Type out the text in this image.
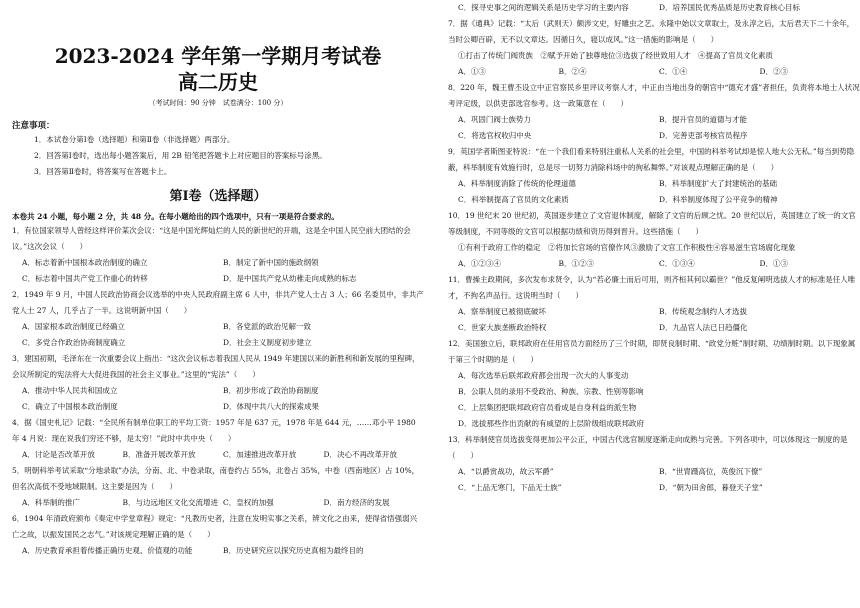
2023-2024 学年第一学期月考试卷
高二历史
（考试时间：90 分钟　试卷满分：100 分）
注意事项：
1．本试卷分第Ⅰ卷（选择题）和第Ⅱ卷（非选择题）两部分。
2．回答第Ⅰ卷时，选出每小题答案后，用 2B 铅笔把答题卡上对应题目的答案标号涂黑。
3．回答第Ⅱ卷时，将答案写在答题卡上。
第Ⅰ卷（选择题）
本卷共 24 小题，每小题 2 分，共 48 分。在每小题给出的四个选项中，只有一项是符合要求的。
1．有位国家领导人曾经这样评价某次会议：“这是中国光辉灿烂的人民的新世纪的开端，这是全中国人民空前大团结的会议。”这次会议（　　）
A．标志着新中国根本政治制度的确立	B．制定了新中国的施政纲领
C．标志着中国共产党工作重心的转移	D．是中国共产党从幼稚走向成熟的标志
2．1949 年 9 月，中国人民政治协商会议选举的中央人民政府副主席 6 人中，非共产党人士占 3 人；66 名委员中，非共产党人士 27 人，几乎占了一半。这说明新中国（　　）
A．国家根本政治制度已经确立	B．各党派的政治见解一致
C．多党合作政治协商制度确立	D．社会主义制度初步建立
3．建国初期，毛泽东在一次重要会议上指出：“这次会议标志着我国人民从 1949 年建国以来的新胜利和新发展的里程碑，会议所制定的宪法将大大促进我国的社会主义事业。”这里的“宪法”（　　）
A．推动中华人民共和国成立	B．初步形成了政治协商制度
C．确立了中国根本政治制度	D．体现中共八大的探索成果
4．据《国史札记》记载：“全民所有制单位职工的平均工资：1957 年是 637 元，1978 年是 644 元，……邓小平 1980 年 4 月说：现在说我们穷还不够，是太穷！”此时中共中央（　　）
A．讨论是否改革开放	B．准备开展改革开放	C．加速推进改革开放	D．决心不再改革开放
5．明朝科举考试采取“分地录取”办法，分南、北、中卷录取，南卷约占 55%，北卷占 35%，中卷（西南地区）占 10%，但名次高低不受地域限制。这主要是因为（　　）
A．科举制的推广	B．与边远地区文化交流增进 C．皇权的加强	D．南方经济的发展
6．1904 年清政府颁布《奏定中学堂章程》规定：“凡教历史者，注意在发明实事之关系，辨文化之由来，使得省悟强弱兴亡之故，以振发国民之志气。”对该规定理解正确的是（　　）
A．历史教育承担着传播正确历史观、价值观的功能	B．历史研究应以探究历史真相为最终目的
C．探寻史事之间的逻辑关系是历史学习的主要内容	D．培养国民优秀品质是历史教育核心目标
7．据《通典》记载：“太后（武则天）颇涉文史，好雕虫之艺。永隆中始以文章取士，及永淳之后，太后君天下二十余年，当时公卿百辟，无不以文章达。因循日久，寝以成风。”这一措施的影响是（　　）
①打击了传统门阀贵族　②赋予开始了独尊地位③选拔了经世致用人才　④提高了官员文化素质
A．①③	B．②④	C．①④	D．②③
8．220 年，魏王曹丕设立中正官察民乡里评议考察人才，中正由当地出身的朝官中“德充才盛”者担任，负责将本地士人状况考评定级，以供吏部选官参考。这一政策意在（　　）
A．巩固门阀士族势力	B．提升官员的道德与才能
C．将选官权收归中央	D．完善吏部考核官员程序
9．英国学者斯图亚特说：“在一个我们看来特别注重私人关系的社会里，中国的科举考试却是惊人地大公无私。”每当到势隐蔽，科举制度有效施行时，总是尽一切努力消除科场中的徇私舞弊。”对该观点理解正确的是（　　）
A．科举制度消除了传统的伦理道德	B．科举制度扩大了封建统治的基础
C．科举制提高了官员的文化素质	D．科举制度体现了公平竞争的精神
10．19 世纪末 20 世纪初，英国逐步建立了文官退休制度，解除了文官的后顾之忧。20 世纪以后，英国建立了统一的文官等级制度，不同等级的文官可以根据功绩和资历得到晋升。这些措施（　　）
①有利于政府工作的稳定　②将加长官场的官僚作风③激励了文官工作积极性④容易滋生官场腐化现象
A．①②③④	B．①②③	C．①③④	D．①③
11．曹操主政期间，多次发布求贤令，认为“若必廉士而后可用，则齐桓其何以霸世？”他反复阐明选拔人才的标准是任人唯才，不拘名声品行。这说明当时（　　）
A．察举制度已被彻底破坏	B．传统观念制约人才选拔
C．世家大族垄断政治特权	D．九品官人法已日趋僵化
12．美国独立后，联邦政府在任用官员方面经历了三个时期，即贤良制时期、“政党分赃”制时期、功绩制时期。以下现象属于第三个时期的是（　　）
A．每次选举后联邦政府都会出现一次大的人事变动
B．公职人员的录用不受政治、种族、宗教、性别等影响
C．上层集团把联邦政府官员看成是自身利益的派生物
D．选拔那些作出贡献的有威望的上层阶级组成联邦政府
13．科举制使官员选拔变得更加公平公正，中国古代选官制度逐渐走向成熟与完善。下列各项中，可以体现这一制度的是（　　）
A．“以爵赏战功，故云军爵”	B．“世胄蹑高位，英俊沉下僚”
C．“上品无寒门，下品无士族”	D．“朝为田舍郎，暮登天子堂”
